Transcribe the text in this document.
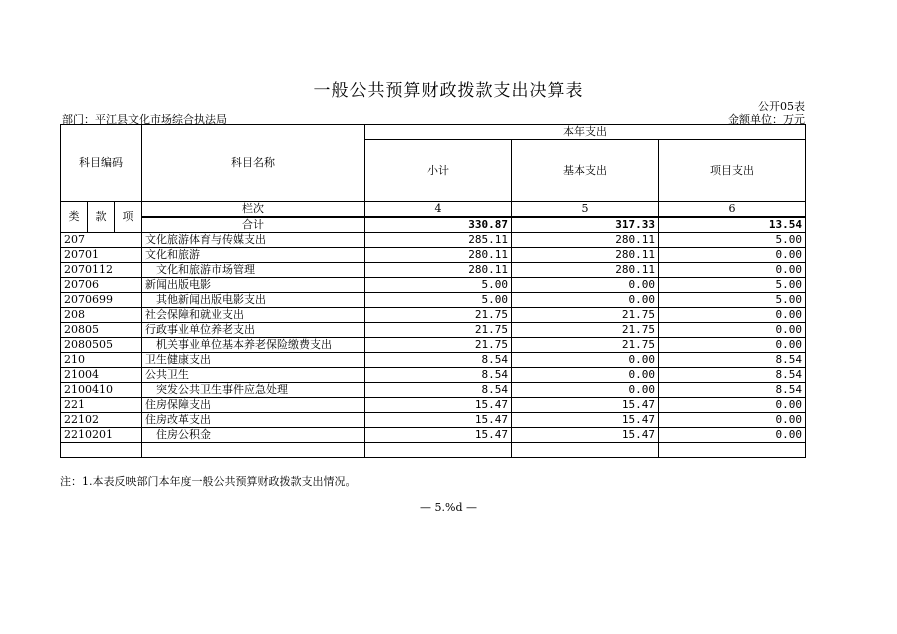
一般公共预算财政拨款支出决算表
公开05表
部门：平江县文化市场综合执法局	金额单位：万元
科目编码			科目名称	本年支出		
				小计	基本支出	项目支出

类	款	项	栏次	4	5	6
			合计	330.87	317.33	13.54
207			文化旅游体育与传媒支出	285.11	280.11	5.00
20701			文化和旅游	280.11	280.11	0.00
2070112			文化和旅游市场管理	280.11	280.11	0.00
20706			新闻出版电影	5.00	0.00	5.00
2070699			其他新闻出版电影支出	5.00	0.00	5.00
208			社会保障和就业支出	21.75	21.75	0.00
20805			行政事业单位养老支出	21.75	21.75	0.00
2080505			机关事业单位基本养老保险缴费支出	21.75	21.75	0.00
210			卫生健康支出	8.54	0.00	8.54
21004			公共卫生	8.54	0.00	8.54
2100410			突发公共卫生事件应急处理	8.54	0.00	8.54
221			住房保障支出	15.47	15.47	0.00
22102			住房改革支出	15.47	15.47	0.00
2210201			住房公积金	15.47	15.47	0.00

注：1.本表反映部门本年度一般公共预算财政拨款支出情况。
— 5.%d —
